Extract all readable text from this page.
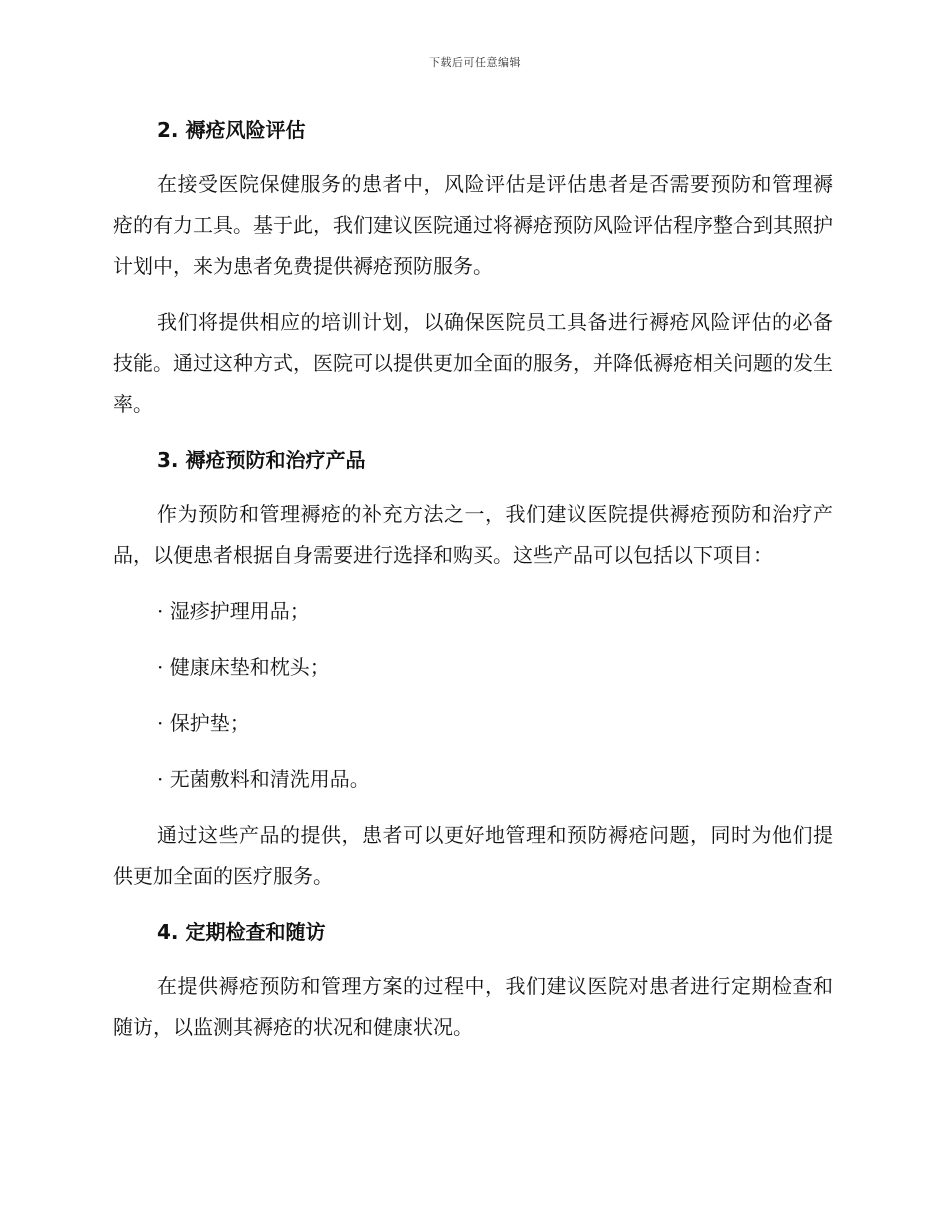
下载后可任意编辑
2. 褥疮风险评估

在接受医院保健服务的患者中，风险评估是评估患者是否需要预防和管理褥疮的有力工具。基于此，我们建议医院通过将褥疮预防风险评估程序整合到其照护计划中，来为患者免费提供褥疮预防服务。

我们将提供相应的培训计划，以确保医院员工具备进行褥疮风险评估的必备技能。通过这种方式，医院可以提供更加全面的服务，并降低褥疮相关问题的发生率。

3. 褥疮预防和治疗产品

作为预防和管理褥疮的补充方法之一，我们建议医院提供褥疮预防和治疗产品，以便患者根据自身需要进行选择和购买。这些产品可以包括以下项目：

· 湿疹护理用品；

· 健康床垫和枕头；

· 保护垫；

· 无菌敷料和清洗用品。

通过这些产品的提供，患者可以更好地管理和预防褥疮问题，同时为他们提供更加全面的医疗服务。

4. 定期检查和随访

在提供褥疮预防和管理方案的过程中，我们建议医院对患者进行定期检查和随访，以监测其褥疮的状况和健康状况。
